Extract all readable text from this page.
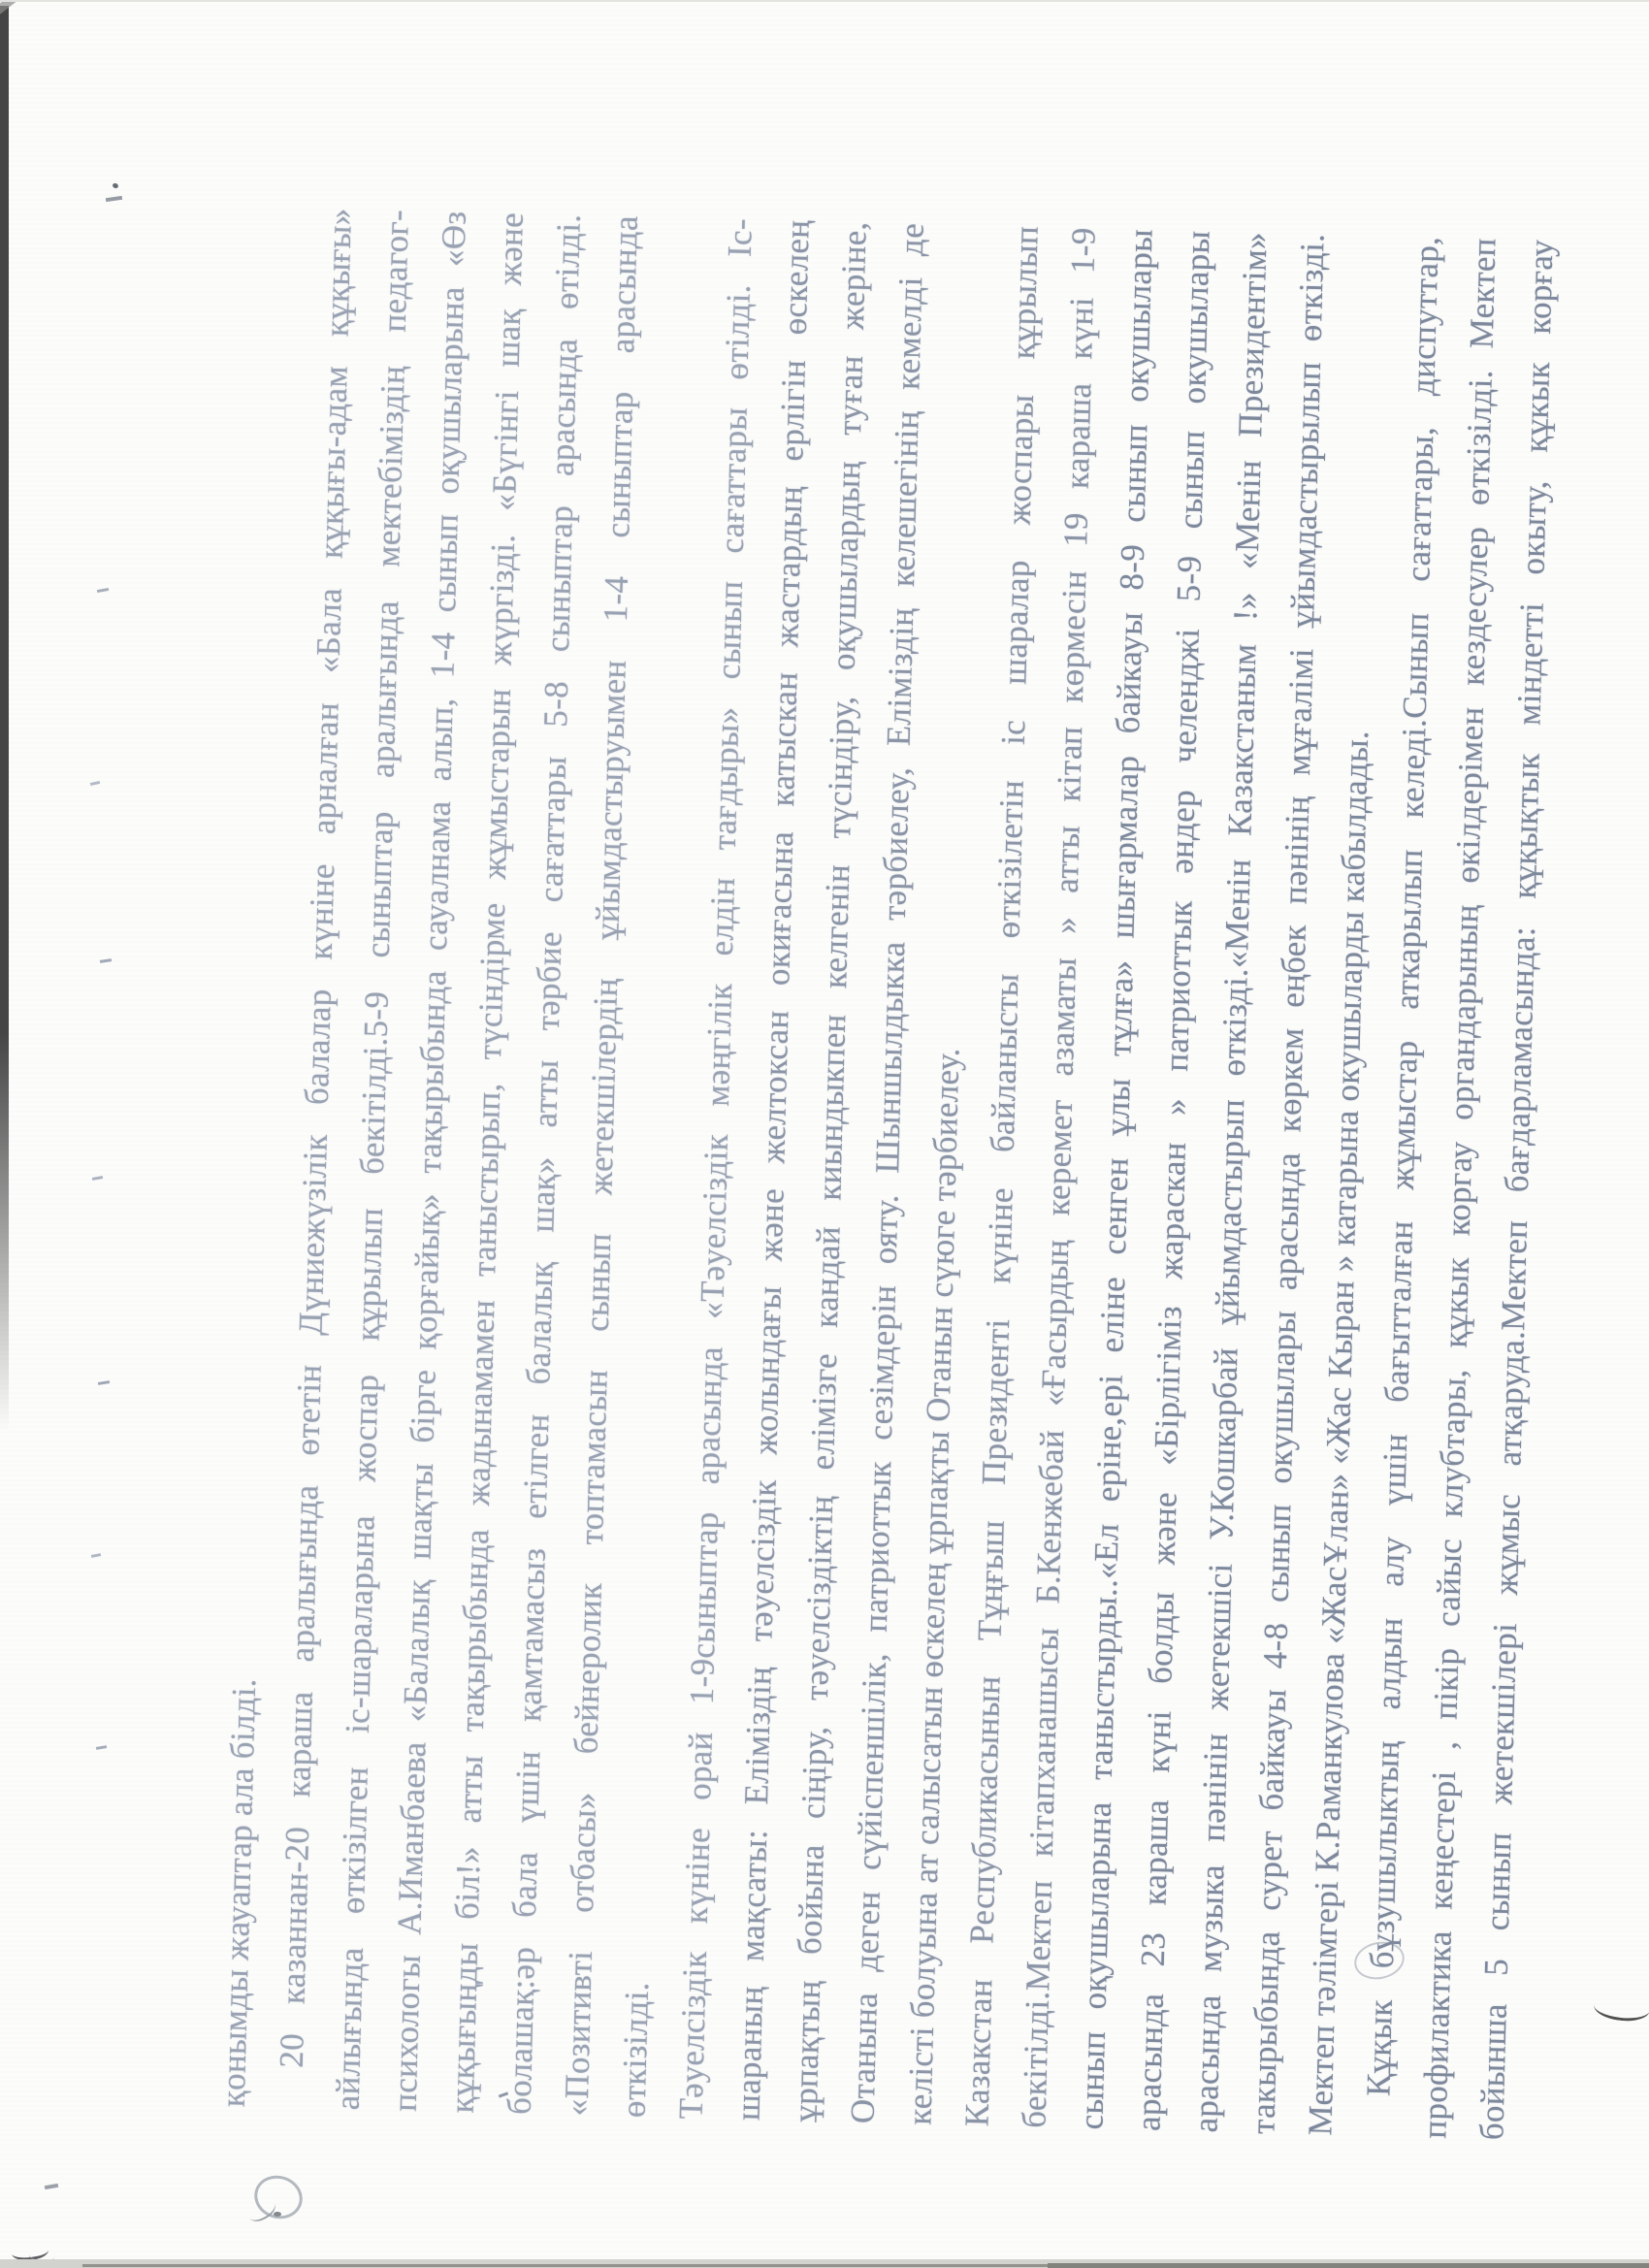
қонымды
жауаптар
ала
білді.
20
казаннан-20
караша
аралығында
өтетін
Дүниежүзілік
балалар
күніне
арналған
«Бала
құқығы-адам
құқығы»
айлығында
өткізілген
іс-шараларына
жоспар
құрылып
бекітілді.5-9
сыныптар
аралығында
мектебіміздің
педагог-
психологы
А.Иманбаева
«Балалық
шақты
бірге
қорғайық»
тақырыбында
сауалнама
алып,
1-4
сынып
оқушыларына
«Өз
құқығыңды
біл!»
атты
тақырыбында
жадынамамен
таныстырып,
түсіндірме
жұмыстарын
жүргізді.
«Бүгінгі
шақ
және
болашақ:әр
бала
үшін
қамтамасыз
етілген
балалық
шақ»
атты
тәрбие
сағаттары
5-8
сыныптар
арасында
өтілді.
«Позитивті
отбасы»
бейнеролик
топтамасын
сынып
жетекшілердің
ұйымдастыруымен
1-4
сыныптар
арасында
өткізілді. Тәуелсіздік
күніне
орай
1-9сыныптар
арасында
«Тәуелсіздік
мәңгілік
елдін
тағдыры»
сынып
сағаттары
өтілді.
Іс-
шараның
мақсаты:
Еліміздің
тәуелсіздік
жолындағы
және
желтоксан
окиғасына
катыскан
жастардың
ерлігін
өскелең
ұрпақтың
бойына
сіңіру,
тәуелсіздіктің
елімізге
кандай
киындыкпен
келгенін
түсіндіру,
оқушылардың
туған
жеріне,
Отанына
деген
сүйіспеншілік,
патриоттык
сезімдерін
ояту.
Шыншылдыкка
тәрбиелеу,
Еліміздің
келешегінің
кемелді
де
келісті
болуына
ат
салысатын
өскелең
ұрпақты
Отанын
сүюге
тәрбиелеу.
Казакстан
Республикасынын
Тұңғыш
Президенті
күніне
байланысты
өткізілетін
іс
шаралар
жоспары
құрылып
бекітілді.Мектеп
кітапханашысы
Б.Кенжебай
«Ғасырдың
керемет
азаматы
»
атты
кітап
көрмесін
19
караша
күні
1-9
сынып
оқушыларына
таныстырды..«Ел
еріне,ері
еліне
сенген
ұлы
тұлға»
шығармалар
байкауы
8-9
сынып
окушылары
арасында
23
караша
күні
болды
және
«Бірлігіміз
жараскан
»
патриоттык
әндер
челенджі
5-9
сынып
окушылары
арасында
музыка
пәнінін
жетекшісі
У.Кошкарбай
ұйымдастырып
өткізді.«Менін
Казакстаным
!»
«Менін
Президентім»
такырыбында
сурет
байкауы
4-8
сынып
окушылары
арасында
көркем
еңбек
пәнінің
мұғалімі
ұйымдастырылып
өткізді.
Мектеп
тәлімгері
К.Раманкулова
«ЖасҰлан»
«Жас
Кыран
»
катарына
окушыларды
кабылдады.
Құқык
бұзушылыктың
алдын
алу
үшін
бағытталған
жұмыстар
аткарылып
келеді.Сынып
сағаттары,
диспуттар,
профилактика
кеңестері
,
пікір
сайыс
клубтары,
құкык
коргау
органдарының
өкілдерімен
кездесулер
өткізілді.
Мектеп
бойынша
5
сынып
жетекшілері
жұмыс
атқаруда.Мектеп
бағдарламасында:
құқықтык
міндетті
окыту,
құкык
корғау
